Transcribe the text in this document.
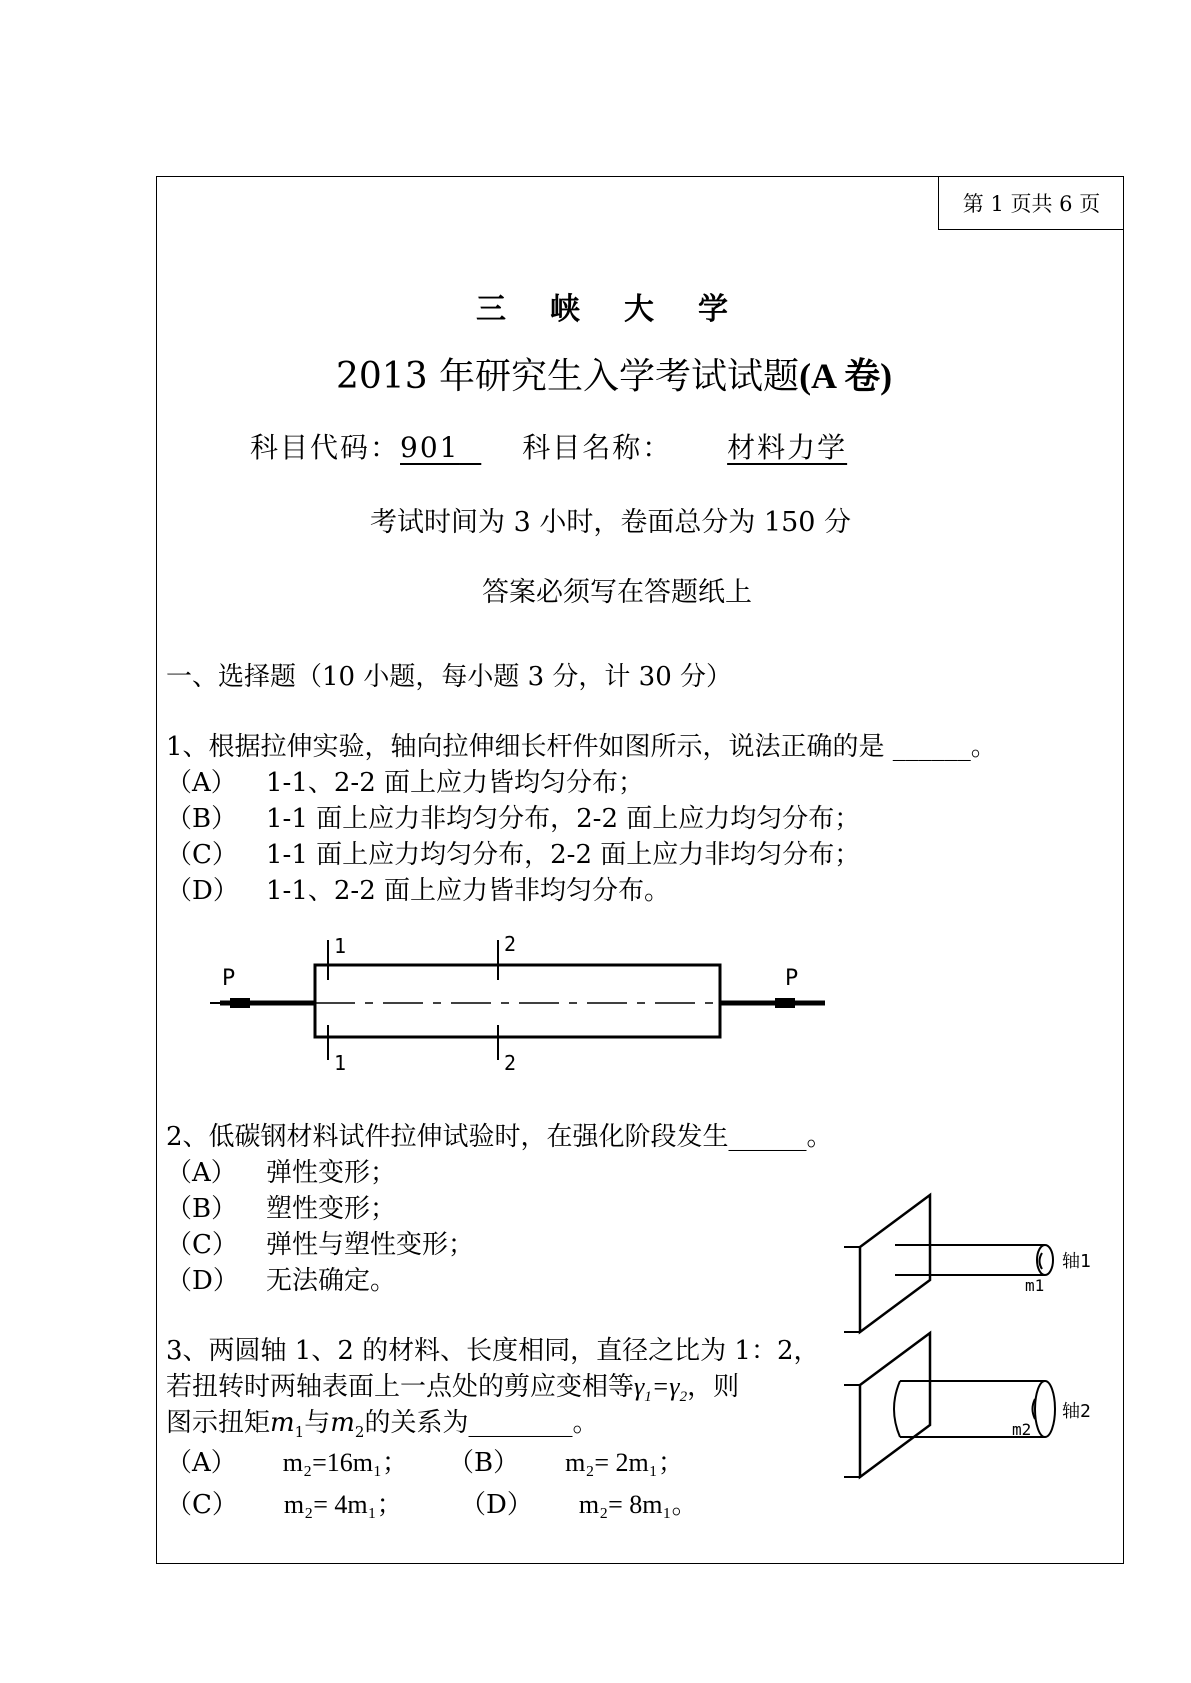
第 1 页共 6 页
三峡大学
2013 年研究生入学考试试题(A 卷)
科目代码：901 科目名称： 材料力学
考试时间为 3 小时，卷面总分为 150 分
答案必须写在答题纸上
一、选择题（10 小题，每小题 3 分，计 30 分）
1、根据拉伸实验，轴向拉伸细长杆件如图所示，说法正确的是 ______。
（A） 1-1、2-2 面上应力皆均匀分布；
（B） 1-1 面上应力非均匀分布，2-2 面上应力均匀分布；
（C） 1-1 面上应力均匀分布，2-2 面上应力非均匀分布；
（D） 1-1、2-2 面上应力皆非均匀分布。
P	P
1
1
2
2
2、低碳钢材料试件拉伸试验时，在强化阶段发生______。
（A） 弹性变形；
（B） 塑性变形；
（C） 弹性与塑性变形；
（D） 无法确定。
3、两圆轴 1、2 的材料、长度相同，直径之比为 1：2，
若扭转时两轴表面上一点处的剪应变相等$\gamma_1=\gamma_2$，则
图示扭矩$m_1$与$m_2$的关系为________。
（A） m₂=16m₁； （B） m₂= 2m₁；
（C） m₂= 4m₁； （D） m₂= 8m₁。
轴1
m1
轴2
m2
